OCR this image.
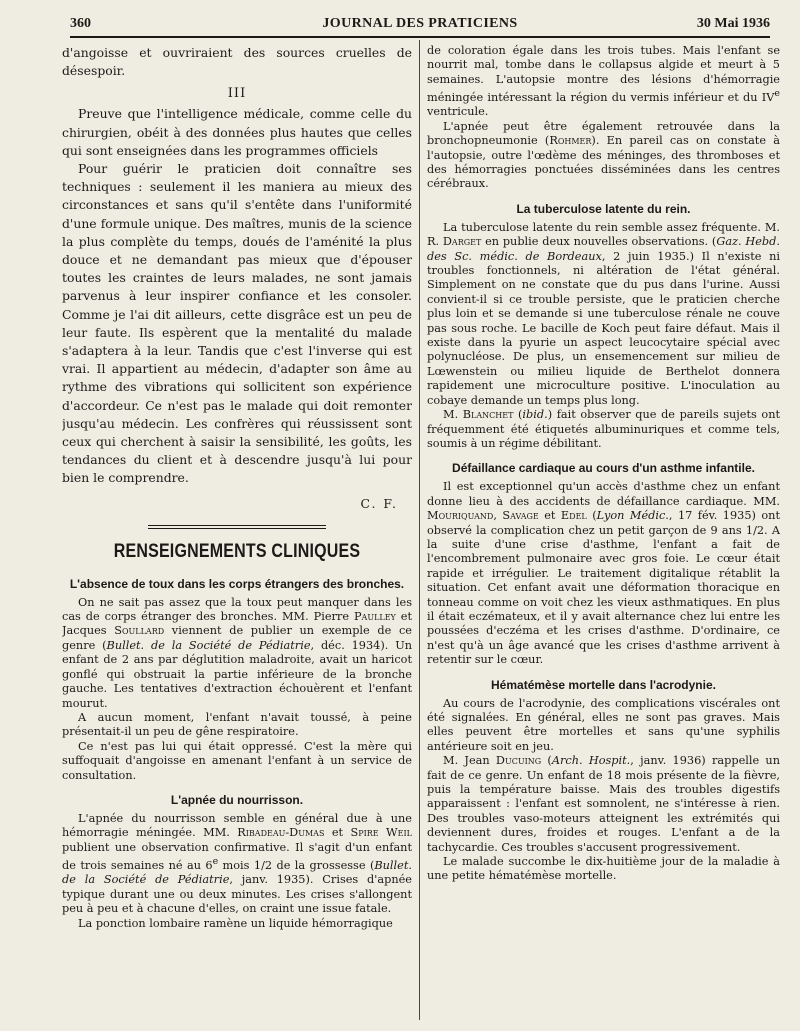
360	JOURNAL DES PRATICIENS	30 Mai 1936

d'angoisse et ouvriraient des sources cruelles de désespoir.

III

Preuve que l'intelligence médicale, comme celle du chirurgien, obéit à des données plus hautes que celles qui sont enseignées dans les programmes officiels

Pour guérir le praticien doit connaître ses techniques : seulement il les maniera au mieux des circonstances et sans qu'il s'entête dans l'uniformité d'une formule unique. Des maîtres, munis de la science la plus complète du temps, doués de l'aménité la plus douce et ne demandant pas mieux que d'épouser toutes les craintes de leurs malades, ne sont jamais parvenus à leur inspirer confiance et les consoler. Comme je l'ai dit ailleurs, cette disgrâce est un peu de leur faute. Ils espèrent que la mentalité du malade s'adaptera à la leur. Tandis que c'est l'inverse qui est vrai. Il appartient au médecin, d'adapter son âme au rythme des vibrations qui sollicitent son expérience d'accordeur. Ce n'est pas le malade qui doit remonter jusqu'au médecin. Les confrères qui réussissent sont ceux qui cherchent à saisir la sensibilité, les goûts, les tendances du client et à descendre jusqu'à lui pour bien le comprendre.

C. F.
RENSEIGNEMENTS CLINIQUES
L'absence de toux dans les corps étrangers des bronches.

On ne sait pas assez que la toux peut manquer dans les cas de corps étranger des bronches. MM. Pierre Paulley et Jacques Soullard viennent de publier un exemple de ce genre (Bullet. de la Société de Pédiatrie, déc. 1934). Un enfant de 2 ans par déglutition maladroite, avait un haricot gonflé qui obstruait la partie inférieure de la bronche gauche. Les tentatives d'extraction échouèrent et l'enfant mourut.

A aucun moment, l'enfant n'avait toussé, à peine présentait-il un peu de gêne respiratoire.

Ce n'est pas lui qui était oppressé. C'est la mère qui suffoquait d'angoisse en amenant l'enfant à un service de consultation.

L'apnée du nourrisson.

L'apnée du nourrisson semble en général due à une hémorragie méningée. MM. Ribadeau-Dumas et Spire Weil publient une observation confirmative. Il s'agit d'un enfant de trois semaines né au 6e mois 1/2 de la grossesse (Bullet. de la Société de Pédiatrie, janv. 1935). Crises d'apnée typique durant une ou deux minutes. Les crises s'allongent peu à peu et à chacune d'elles, on craint une issue fatale.

La ponction lombaire ramène un liquide hémorragique

de coloration égale dans les trois tubes. Mais l'enfant se nourrit mal, tombe dans le collapsus algide et meurt à 5 semaines. L'autopsie montre des lésions d'hémorragie méningée intéressant la région du vermis inférieur et du IVe ventricule.

L'apnée peut être également retrouvée dans la bronchopneumonie (Rohmer). En pareil cas on constate à l'autopsie, outre l'œdème des méninges, des thromboses et des hémorragies ponctuées disséminées dans les centres cérébraux.

La tuberculose latente du rein.

La tuberculose latente du rein semble assez fréquente. M. R. Darget en publie deux nouvelles observations. (Gaz. Hebd. des Sc. médic. de Bordeaux, 2 juin 1935.) Il n'existe ni troubles fonctionnels, ni altération de l'état général. Simplement on ne constate que du pus dans l'urine. Aussi convient-il si ce trouble persiste, que le praticien cherche plus loin et se demande si une tuberculose rénale ne couve pas sous roche. Le bacille de Koch peut faire défaut. Mais il existe dans la pyurie un aspect leucocytaire spécial avec polynucléose. De plus, un ensemencement sur milieu de Lœwenstein ou milieu liquide de Berthelot donnera rapidement une microculture positive. L'inoculation au cobaye demande un temps plus long.

M. Blanchet (ibid.) fait observer que de pareils sujets ont fréquemment été étiquetés albuminuriques et comme tels, soumis à un régime débilitant.

Défaillance cardiaque au cours d'un asthme infantile.

Il est exceptionnel qu'un accès d'asthme chez un enfant donne lieu à des accidents de défaillance cardiaque. MM. Mouriquand, Savage et Edel (Lyon Médic., 17 fév. 1935) ont observé la complication chez un petit garçon de 9 ans 1/2. A la suite d'une crise d'asthme, l'enfant a fait de l'encombrement pulmonaire avec gros foie. Le cœur était rapide et irrégulier. Le traitement digitalique rétablit la situation. Cet enfant avait une déformation thoracique en tonneau comme on voit chez les vieux asthmatiques. En plus il était eczémateux, et il y avait alternance chez lui entre les poussées d'eczéma et les crises d'asthme. D'ordinaire, ce n'est qu'à un âge avancé que les crises d'asthme arrivent à retentir sur le cœur.

Hématémèse mortelle dans l'acrodynie.

Au cours de l'acrodynie, des complications viscérales ont été signalées. En général, elles ne sont pas graves. Mais elles peuvent être mortelles et sans qu'une syphilis antérieure soit en jeu.

M. Jean Ducuing (Arch. Hospit., janv. 1936) rappelle un fait de ce genre. Un enfant de 18 mois présente de la fièvre, puis la température baisse. Mais des troubles digestifs apparaissent : l'enfant est somnolent, ne s'intéresse à rien. Des troubles vaso-moteurs atteignent les extrémités qui deviennent dures, froides et rouges. L'enfant a de la tachycardie. Ces troubles s'accusent progressivement.

Le malade succombe le dix-huitième jour de la maladie à une petite hématémèse mortelle.
